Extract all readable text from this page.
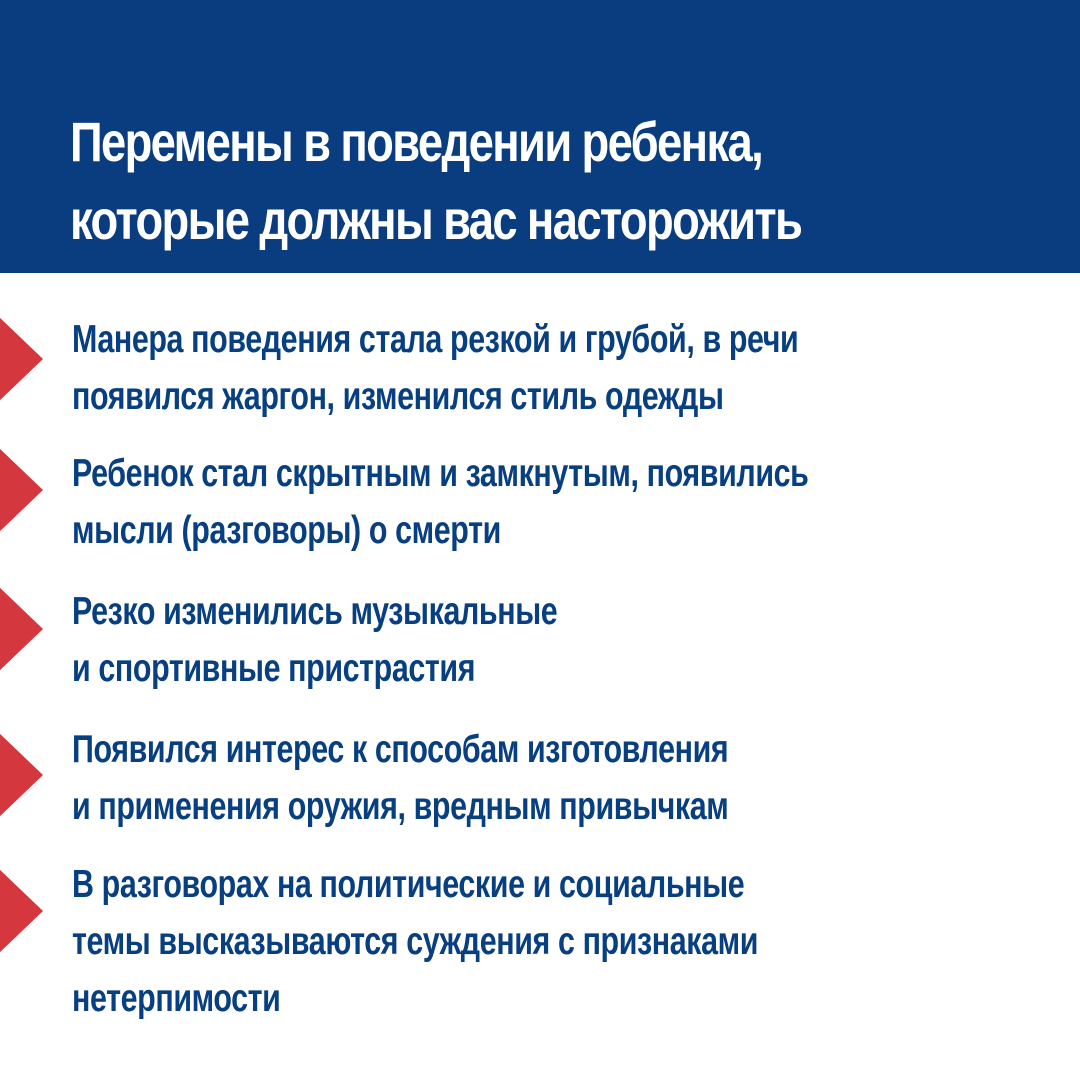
Перемены в поведении ребенка,
которые должны вас насторожить

Манера поведения стала резкой и грубой, в речи
появился жаргон, изменился стиль одежды

Ребенок стал скрытным и замкнутым, появились
мысли (разговоры) о смерти

Резко изменились музыкальные
и спортивные пристрастия

Появился интерес к способам изготовления
и применения оружия, вредным привычкам

В разговорах на политические и социальные
темы высказываются суждения с признаками
нетерпимости
